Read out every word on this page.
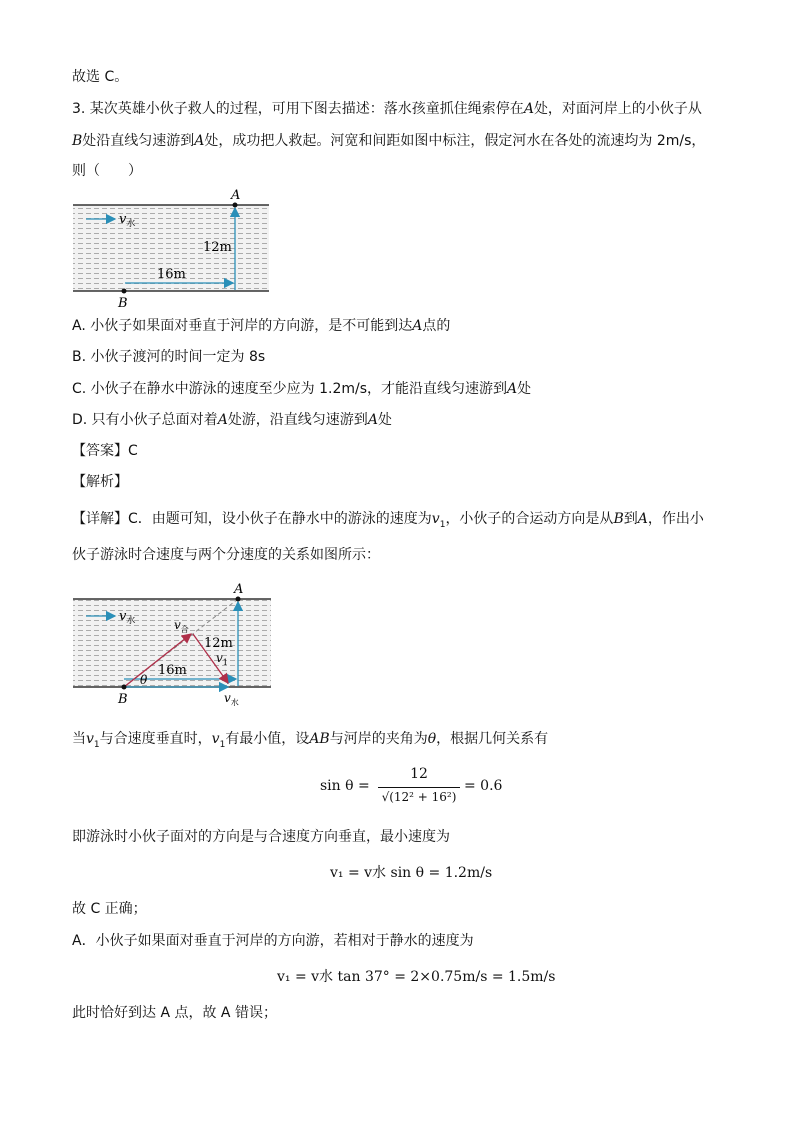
故选 C。
3. 某次英雄小伙子救人的过程，可用下图去描述：落水孩童抓住绳索停在A处，对面河岸上的小伙子从
B处沿直线匀速游到A处，成功把人救起。河宽和间距如图中标注，假定河水在各处的流速均为 2m/s，
则（　　）
$v_水$
12m
16m
A
B
A. 小伙子如果面对垂直于河岸的方向游，是不可能到达A点的
B. 小伙子渡河的时间一定为 8s
C. 小伙子在静水中游泳的速度至少应为 1.2m/s，才能沿直线匀速游到A处
D. 只有小伙子总面对着A处游，沿直线匀速游到A处
【答案】C
【解析】
【详解】C．由题可知，设小伙子在静水中的游泳的速度为$v_1$，小伙子的合运动方向是从B到A，作出小
伙子游泳时合速度与两个分速度的关系如图所示：
$v_水$
12m
16m
$v_合$
$v_1$
θ
A
B	$v_水$
当$v_1$与合速度垂直时，$v_1$有最小值，设AB与河岸的夹角为θ，根据几何关系有
sin θ =
12
√(12² + 16²)
= 0.6
即游泳时小伙子面对的方向是与合速度方向垂直，最小速度为
v₁ = v水 sin θ = 1.2m/s
故 C 正确；
A．小伙子如果面对垂直于河岸的方向游，若相对于静水的速度为
v₁ = v水 tan 37° = 2×0.75m/s = 1.5m/s
此时恰好到达 A 点，故 A 错误；
